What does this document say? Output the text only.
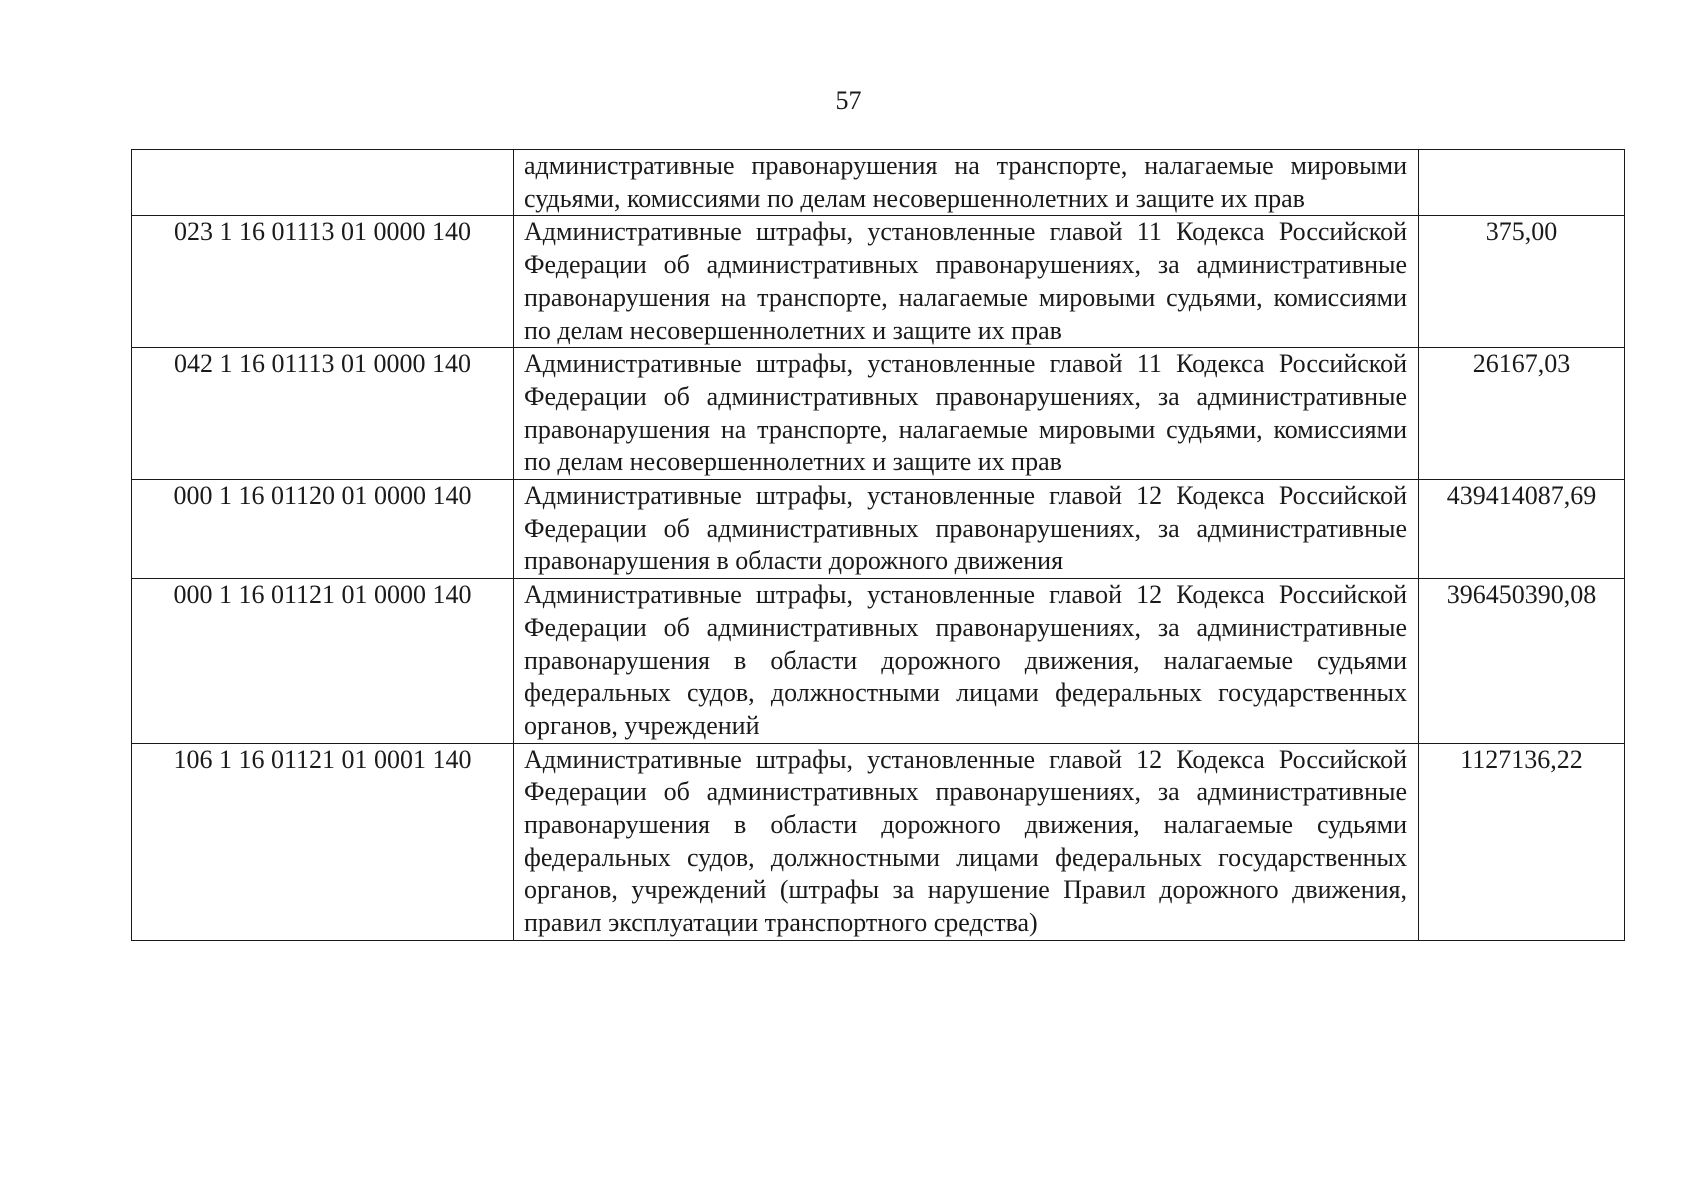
57
	административные правонарушения на транспорте, налагаемые мировыми судьями, комиссиями по делам несовершеннолетних и защите их прав	
023 1 16 01113 01 0000 140	Административные штрафы, установленные главой 11 Кодекса Российской Федерации об административных правонарушениях, за административные правонарушения на транспорте, налагаемые мировыми судьями, комиссиями по делам несовершеннолетних и защите их прав	375,00
042 1 16 01113 01 0000 140	Административные штрафы, установленные главой 11 Кодекса Российской Федерации об административных правонарушениях, за административные правонарушения на транспорте, налагаемые мировыми судьями, комиссиями по делам несовершеннолетних и защите их прав	26167,03
000 1 16 01120 01 0000 140	Административные штрафы, установленные главой 12 Кодекса Российской Федерации об административных правонарушениях, за административные правонарушения в области дорожного движения	439414087,69
000 1 16 01121 01 0000 140	Административные штрафы, установленные главой 12 Кодекса Российской Федерации об административных правонарушениях, за административные правонарушения в области дорожного движения, налагаемые судьями федеральных судов, должностными лицами федеральных государственных органов, учреждений	396450390,08
106 1 16 01121 01 0001 140	Административные штрафы, установленные главой 12 Кодекса Российской Федерации об административных правонарушениях, за административные правонарушения в области дорожного движения, налагаемые судьями федеральных судов, должностными лицами федеральных государственных органов, учреждений (штрафы за нарушение Правил дорожного движения, правил эксплуатации транспортного средства)	1127136,22
